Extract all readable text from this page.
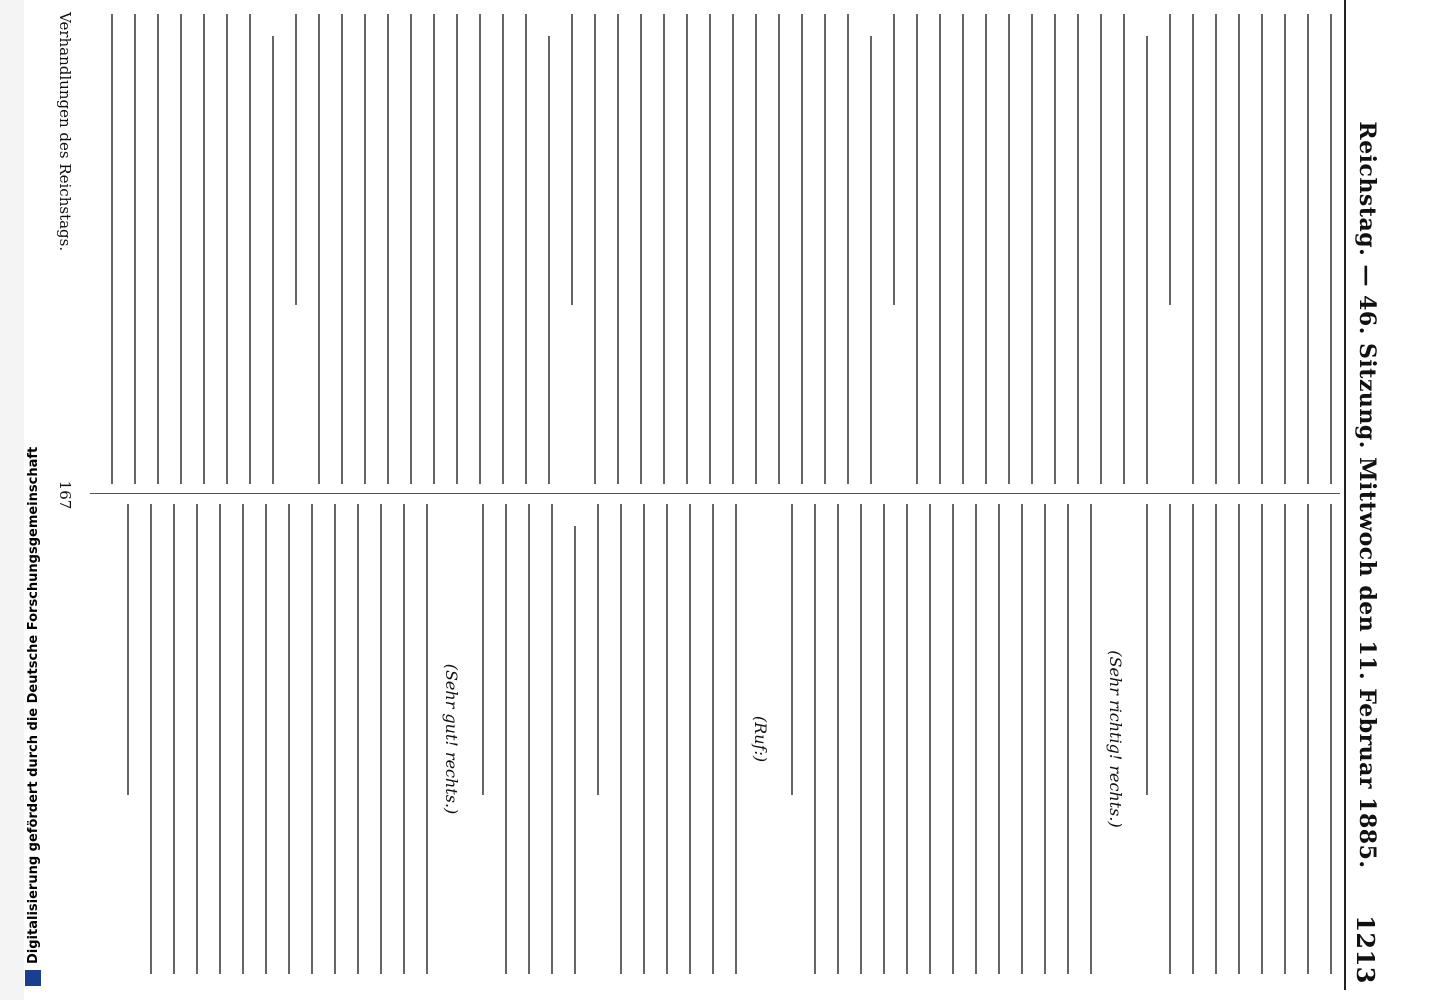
Digitalisierung gefördert durch die Deutsche Forschungsgemeinschaft	Reichstag. — 46. Sitzung. Mittwoch den 11. Februar 1885.
1213
(Sehr richtig! rechts.)
(Ruf:)
(Sehr gut! rechts.)
Verhandlungen des Reichstags.
167
